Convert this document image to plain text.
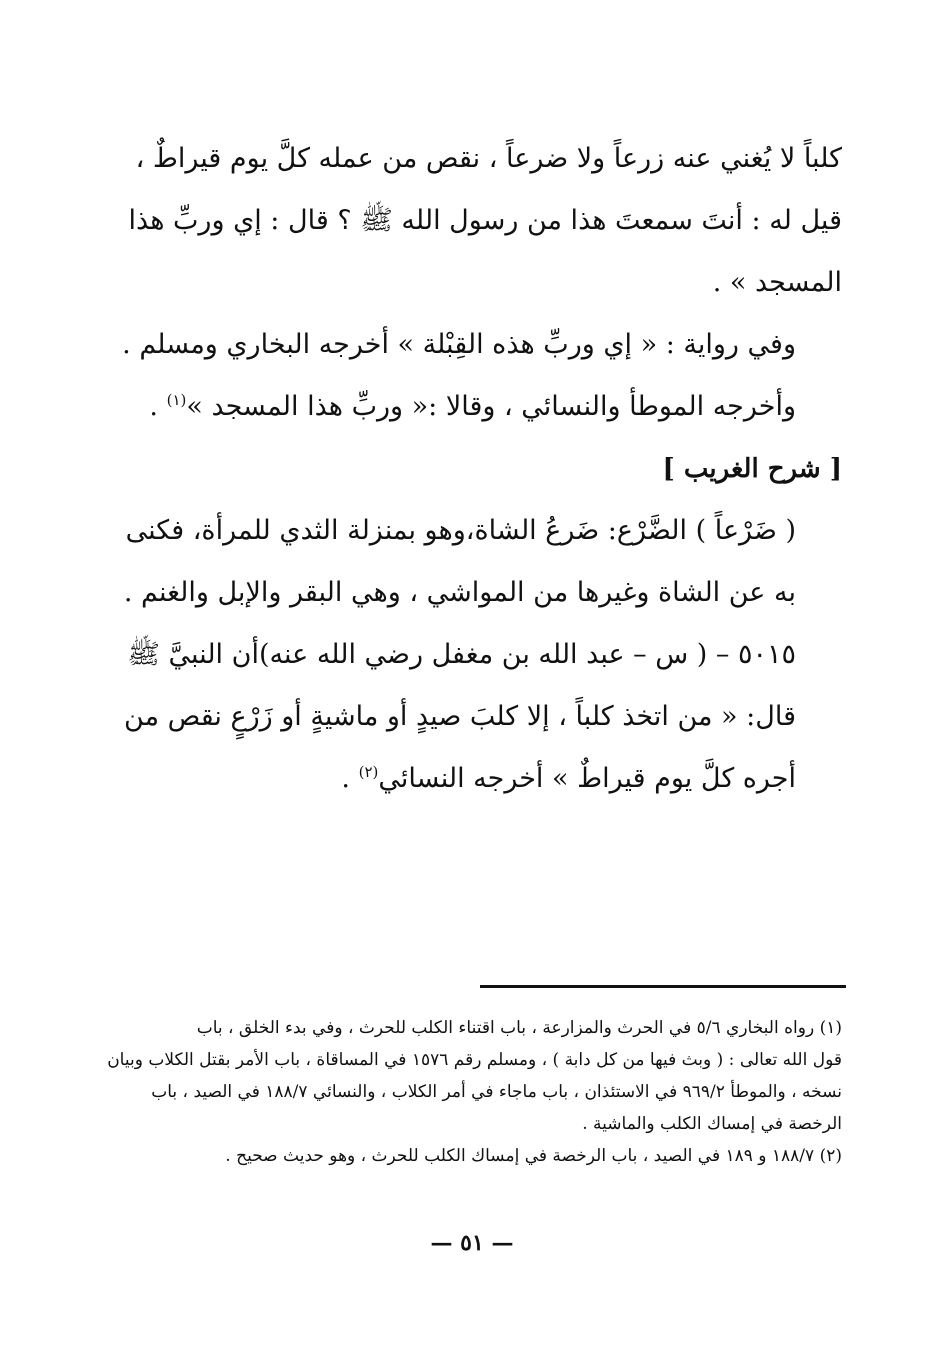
كلباً لا يُغني عنه زرعاً ولا ضرعاً ، نقص من عمله كلَّ يوم قيراطٌ ، قيل له : أنتَ سمعتَ هذا من رسول الله ﷺ ؟ قال : إي وربِّ هذا المسجد » .

وفي رواية : « إي وربِّ هذه القِبْلة » أخرجه البخاري ومسلم .

وأخرجه الموطأ والنسائي ، وقالا :« وربِّ هذا المسجد »$^{(١)}$ .

[ شرح الغريب ]

( ضَرْعاً ) الضَّرْع: ضَرعُ الشاة،وهو بمنزلة الثدي للمرأة، فكنى به عن الشاة وغيرها من المواشي ، وهي البقر والإبل والغنم .

٥٠١٥ – ( س – عبد الله بن مغفل رضي الله عنه)أن النبيَّ ﷺ قال: « من اتخذ كلباً ، إلا كلبَ صيدٍ أو ماشيةٍ أو زَرْعٍ نقص من أجره كلَّ يوم قيراطٌ » أخرجه النسائي$^{(٢)}$ .

(١) رواه البخاري ٥/٦ في الحرث والمزارعة ، باب اقتناء الكلب للحرث ، وفي بدء الخلق ، باب

قول الله تعالى : ( وبث فيها من كل دابة ) ، ومسلم رقم ١٥٧٦ في المساقاة ، باب الأمر بقتل الكلاب وبيان نسخه ، والموطأ ٩٦٩/٢ في الاستئذان ، باب ماجاء في أمر الكلاب ، والنسائي ١٨٨/٧ في الصيد ، باب الرخصة في إمساك الكلب والماشية .

(٢) ١٨٨/٧ و ١٨٩ في الصيد ، باب الرخصة في إمساك الكلب للحرث ، وهو حديث صحيح .

— ٥١ —
